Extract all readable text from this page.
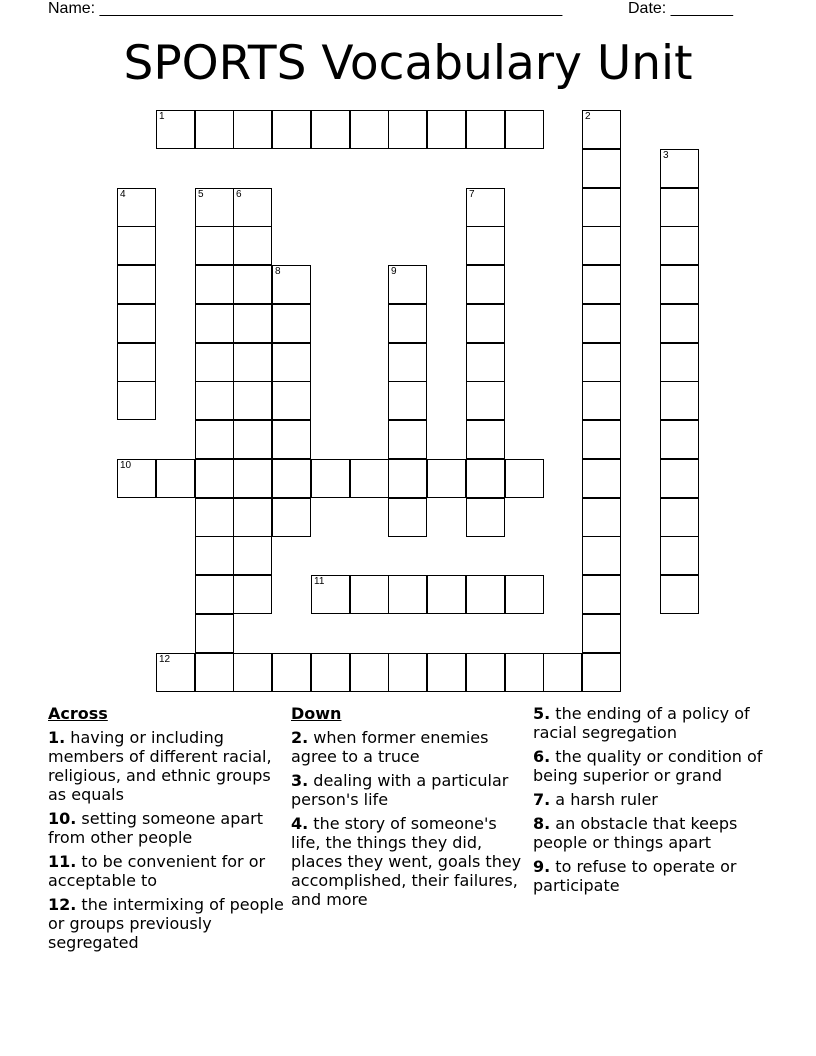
Name: ____________________________________________________	Date: _______
SPORTS Vocabulary Unit
1
10
11
12
2
3
4	5	6	7
8	9
Across
1. having or including members of different racial, religious, and ethnic groups as equals
10. setting someone apart from other people
11. to be convenient for or acceptable to
12. the intermixing of people or groups previously segregated
Down
2. when former enemies agree to a truce
3. dealing with a particular person's life
4. the story of someone's life, the things they did, places they went, goals they accomplished, their failures, and more
5. the ending of a policy of racial segregation
6. the quality or condition of being superior or grand
7. a harsh ruler
8. an obstacle that keeps people or things apart
9. to refuse to operate or participate
